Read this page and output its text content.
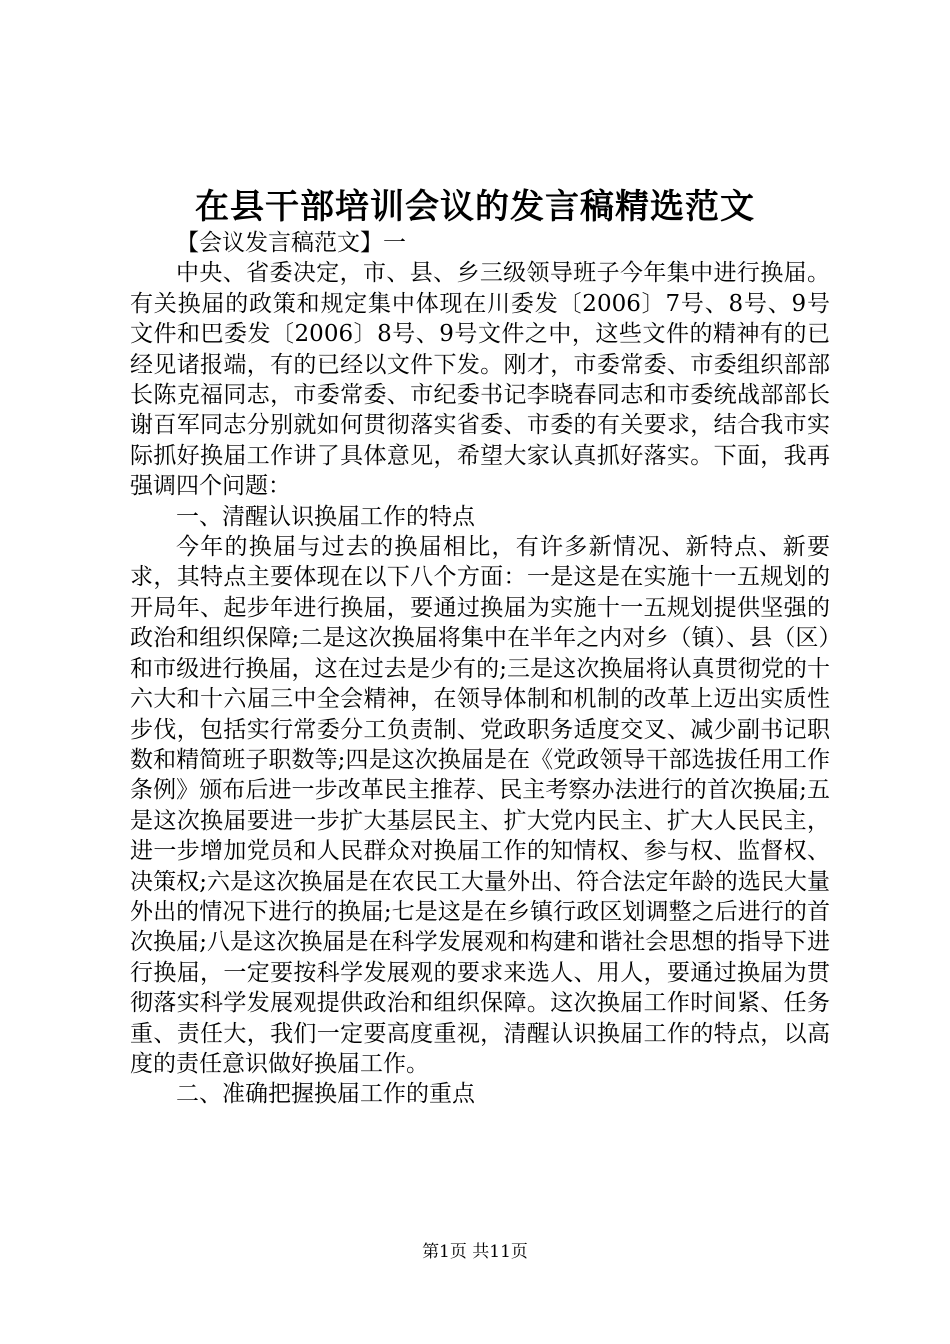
在县干部培训会议的发言稿精选范文

【会议发言稿范文】一

中央、省委决定，市、县、乡三级领导班子今年集中进行换届。有关换届的政策和规定集中体现在川委发〔2006〕7号、8号、9号文件和巴委发〔2006〕8号、9号文件之中，这些文件的精神有的已经见诸报端，有的已经以文件下发。刚才，市委常委、市委组织部部长陈克福同志，市委常委、市纪委书记李晓春同志和市委统战部部长谢百军同志分别就如何贯彻落实省委、市委的有关要求，结合我市实际抓好换届工作讲了具体意见，希望大家认真抓好落实。下面，我再强调四个问题：

一、清醒认识换届工作的特点

今年的换届与过去的换届相比，有许多新情况、新特点、新要求，其特点主要体现在以下八个方面：一是这是在实施十一五规划的开局年、起步年进行换届，要通过换届为实施十一五规划提供坚强的政治和组织保障;二是这次换届将集中在半年之内对乡（镇）、县（区）和市级进行换届，这在过去是少有的;三是这次换届将认真贯彻党的十六大和十六届三中全会精神，在领导体制和机制的改革上迈出实质性步伐，包括实行常委分工负责制、党政职务适度交叉、减少副书记职数和精简班子职数等;四是这次换届是在《党政领导干部选拔任用工作条例》颁布后进一步改革民主推荐、民主考察办法进行的首次换届;五是这次换届要进一步扩大基层民主、扩大党内民主、扩大人民民主，进一步增加党员和人民群众对换届工作的知情权、参与权、监督权、决策权;六是这次换届是在农民工大量外出、符合法定年龄的选民大量外出的情况下进行的换届;七是这是在乡镇行政区划调整之后进行的首次换届;八是这次换届是在科学发展观和构建和谐社会思想的指导下进行换届，一定要按科学发展观的要求来选人、用人，要通过换届为贯彻落实科学发展观提供政治和组织保障。这次换届工作时间紧、任务重、责任大，我们一定要高度重视，清醒认识换届工作的特点，以高度的责任意识做好换届工作。

二、准确把握换届工作的重点

第1页 共11页
